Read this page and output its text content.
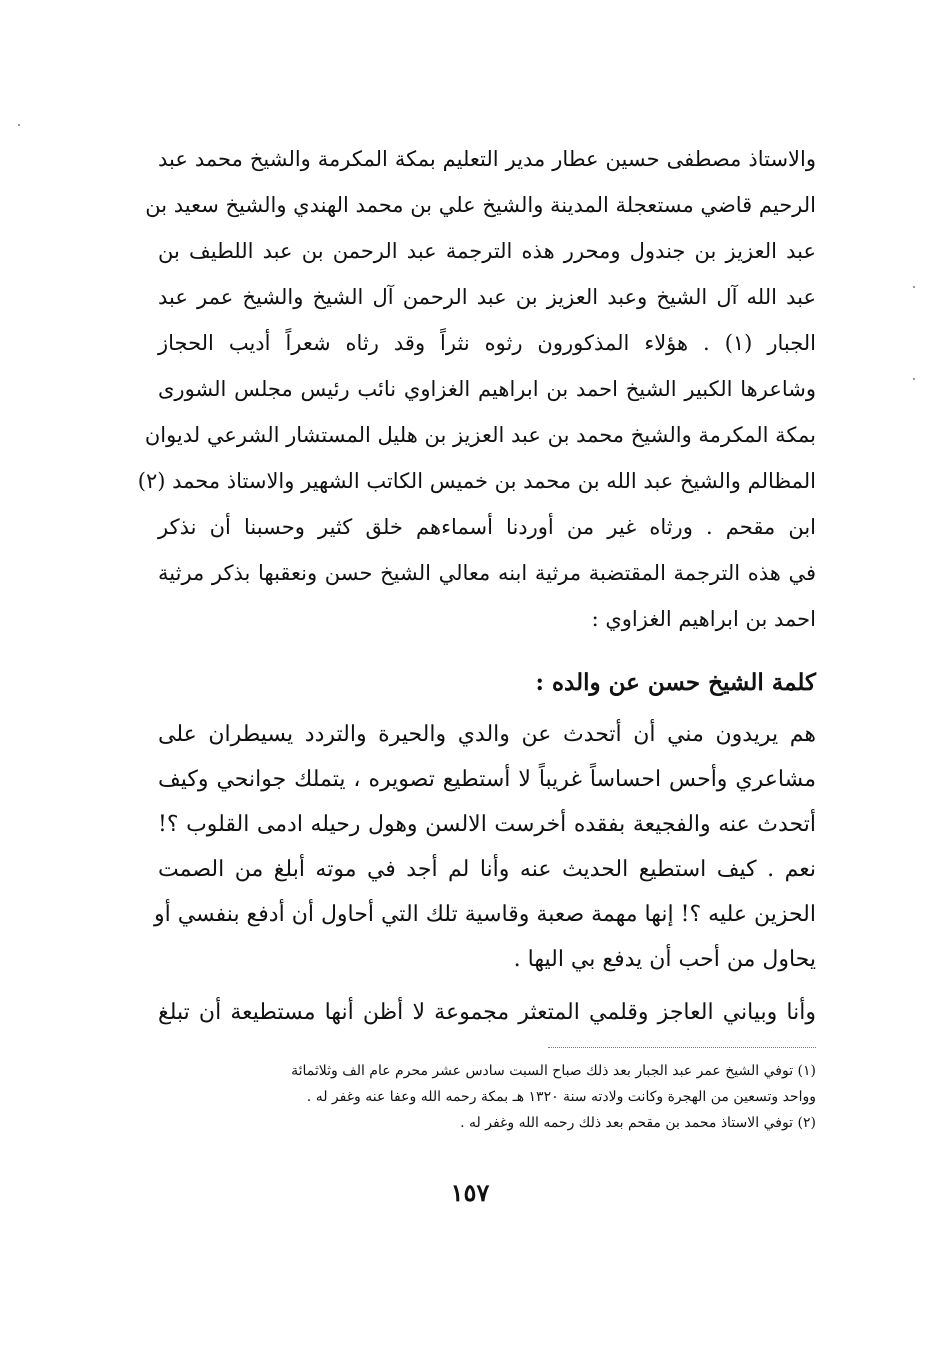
والاستاذ مصطفى حسين عطار مدير التعليم بمكة المكرمة والشيخ محمد عبد
الرحيم قاضي مستعجلة المدينة والشيخ علي بن محمد الهندي والشيخ سعيد بن
عبد العزيز بن جندول ومحرر هذه الترجمة عبد الرحمن بن عبد اللطيف بن
عبد الله آل الشيخ وعبد العزيز بن عبد الرحمن آل الشيخ والشيخ عمر عبد
الجبار (١) . هؤلاء المذكورون رثوه نثراً وقد رثاه شعراً أديب الحجاز
وشاعرها الكبير الشيخ احمد بن ابراهيم الغزاوي نائب رئيس مجلس الشورى
بمكة المكرمة والشيخ محمد بن عبد العزيز بن هليل المستشار الشرعي لديوان
المظالم والشيخ عبد الله بن محمد بن خميس الكاتب الشهير والاستاذ محمد (٢)
ابن مقحم . ورثاه غير من أوردنا أسماءهم خلق كثير وحسبنا أن نذكر
في هذه الترجمة المقتضبة مرثية ابنه معالي الشيخ حسن ونعقبها بذكر مرثية
احمد بن ابراهيم الغزاوي :
كلمة الشيخ حسن عن والده :
هم يريدون مني أن أتحدث عن والدي والحيرة والتردد يسيطران على
مشاعري وأحس احساساً غريباً لا أستطيع تصويره ، يتملك جوانحي وكيف
أتحدث عنه والفجيعة بفقده أخرست الالسن وهول رحيله ادمى القلوب ؟!
نعم . كيف استطيع الحديث عنه وأنا لم أجد في موته أبلغ من الصمت
الحزين عليه ؟! إنها مهمة صعبة وقاسية تلك التي أحاول أن أدفع بنفسي أو
يحاول من أحب أن يدفع بي اليها .
وأنا وبياني العاجز وقلمي المتعثر مجموعة لا أظن أنها مستطيعة أن تبلغ
(١) توفي الشيخ عمر عبد الجبار بعد ذلك صباح السبت سادس عشر محرم عام الف وثلاثمائة
وواحد وتسعين من الهجرة وكانت ولادته سنة ١٣٢٠ هـ بمكة رحمه الله وعفا عنه وغفر له .
(٢) توفي الاستاذ محمد بن مقحم بعد ذلك رحمه الله وغفر له .
١٥٧
